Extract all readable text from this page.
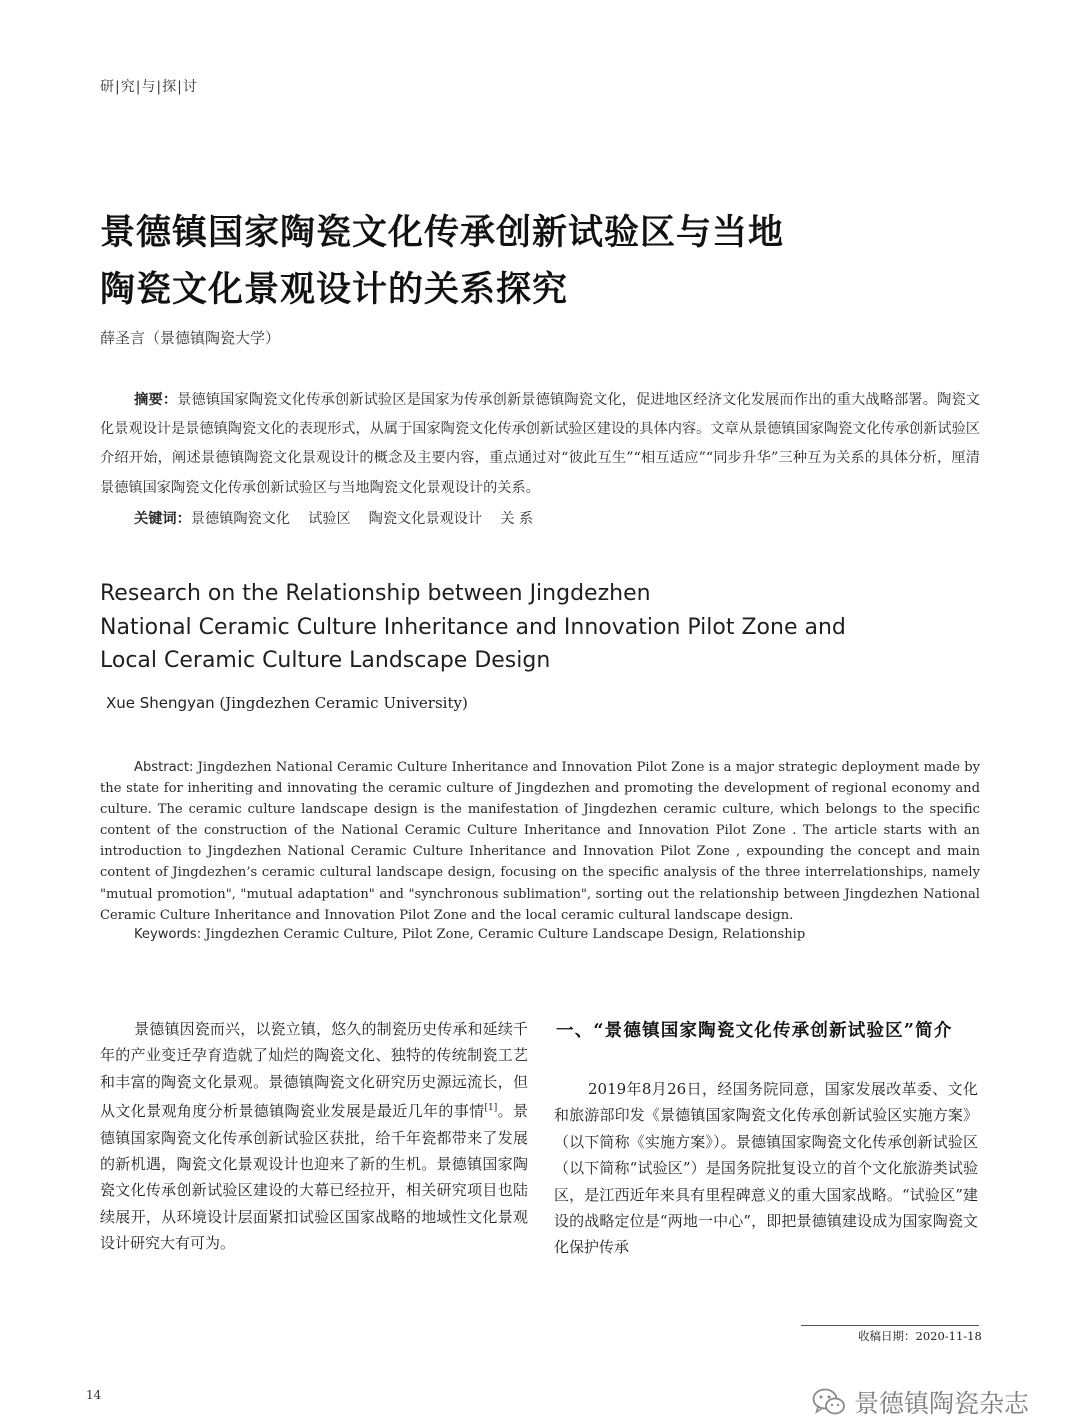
研|究|与|探|讨
景德镇国家陶瓷文化传承创新试验区与当地
陶瓷文化景观设计的关系探究
薛圣言（景德镇陶瓷大学）
摘要：景德镇国家陶瓷文化传承创新试验区是国家为传承创新景德镇陶瓷文化，促进地区经济文化发展而作出的重大战略部署。陶瓷文化景观设计是景德镇陶瓷文化的表现形式，从属于国家陶瓷文化传承创新试验区建设的具体内容。文章从景德镇国家陶瓷文化传承创新试验区介绍开始，阐述景德镇陶瓷文化景观设计的概念及主要内容，重点通过对“彼此互生”“相互适应”“同步升华”三种互为关系的具体分析，厘清景德镇国家陶瓷文化传承创新试验区与当地陶瓷文化景观设计的关系。
关键词：景德镇陶瓷文化 试验区 陶瓷文化景观设计 关 系
Research on the Relationship between Jingdezhen
National Ceramic Culture Inheritance and Innovation Pilot Zone and
Local Ceramic Culture Landscape Design
Xue Shengyan (Jingdezhen Ceramic University)
Abstract: Jingdezhen National Ceramic Culture Inheritance and Innovation Pilot Zone is a major strategic deployment made by the state for inheriting and innovating the ceramic culture of Jingdezhen and promoting the development of regional economy and culture. The ceramic culture landscape design is the manifestation of Jingdezhen ceramic culture, which belongs to the specific content of the construction of the National Ceramic Culture Inheritance and Innovation Pilot Zone . The article starts with an introduction to Jingdezhen National Ceramic Culture Inheritance and Innovation Pilot Zone , expounding the concept and main content of Jingdezhen’s ceramic cultural landscape design, focusing on the specific analysis of the three interrelationships, namely "mutual promotion", "mutual adaptation" and "synchronous sublimation", sorting out the relationship between Jingdezhen National Ceramic Culture Inheritance and Innovation Pilot Zone and the local ceramic cultural landscape design.
Keywords: Jingdezhen Ceramic Culture, Pilot Zone, Ceramic Culture Landscape Design, Relationship
景德镇因瓷而兴，以瓷立镇，悠久的制瓷历史传承和延续千年的产业变迁孕育造就了灿烂的陶瓷文化、独特的传统制瓷工艺和丰富的陶瓷文化景观。景德镇陶瓷文化研究历史源远流长，但从文化景观角度分析景德镇陶瓷业发展是最近几年的事情[1]。景德镇国家陶瓷文化传承创新试验区获批，给千年瓷都带来了发展的新机遇，陶瓷文化景观设计也迎来了新的生机。景德镇国家陶瓷文化传承创新试验区建设的大幕已经拉开，相关研究项目也陆续展开，从环境设计层面紧扣试验区国家战略的地域性文化景观设计研究大有可为。
一、“景德镇国家陶瓷文化传承创新试验区”简介
2019年8月26日，经国务院同意，国家发展改革委、文化和旅游部印发《景德镇国家陶瓷文化传承创新试验区实施方案》（以下简称《实施方案》）。景德镇国家陶瓷文化传承创新试验区（以下简称“试验区”）是国务院批复设立的首个文化旅游类试验区，是江西近年来具有里程碑意义的重大国家战略。“试验区”建设的战略定位是“两地一中心”，即把景德镇建设成为国家陶瓷文化保护传承
收稿日期：2020-11-18
14	景德镇陶瓷杂志
